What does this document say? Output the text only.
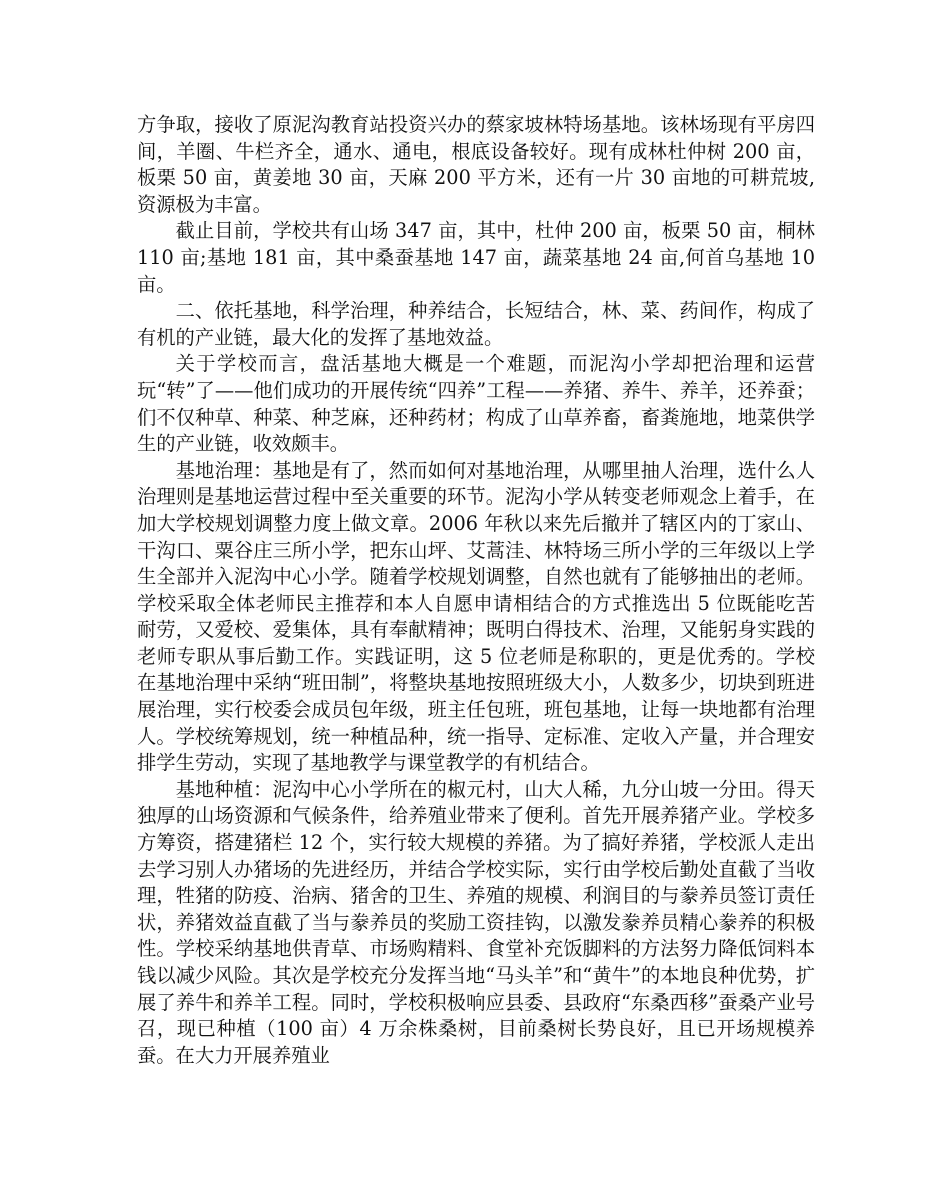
方争取，接收了原泥沟教育站投资兴办的蔡家坡林特场基地。该林场现有平房四间，羊圈、牛栏齐全，通水、通电，根底设备较好。现有成林杜仲树 200 亩，板栗 50 亩，黄姜地 30 亩，天麻 200 平方米，还有一片 30 亩地的可耕荒坡,资源极为丰富。

截止目前，学校共有山场 347 亩，其中，杜仲 200 亩，板栗 50 亩，桐林 110 亩;基地 181 亩，其中桑蚕基地 147 亩，蔬菜基地 24 亩,何首乌基地 10 亩。

二、依托基地，科学治理，种养结合，长短结合，林、菜、药间作，构成了有机的产业链，最大化的发挥了基地效益。

关于学校而言，盘活基地大概是一个难题，而泥沟小学却把治理和运营玩“转”了——他们成功的开展传统“四养”工程——养猪、养牛、养羊，还养蚕；们不仅种草、种菜、种芝麻，还种药材；构成了山草养畜，畜粪施地，地菜供学生的产业链，收效颇丰。

基地治理：基地是有了，然而如何对基地治理，从哪里抽人治理，选什么人治理则是基地运营过程中至关重要的环节。泥沟小学从转变老师观念上着手，在加大学校规划调整力度上做文章。2006 年秋以来先后撤并了辖区内的丁家山、干沟口、粟谷庄三所小学，把东山坪、艾蒿洼、林特场三所小学的三年级以上学生全部并入泥沟中心小学。随着学校规划调整，自然也就有了能够抽出的老师。学校采取全体老师民主推荐和本人自愿申请相结合的方式推选出 5 位既能吃苦耐劳，又爱校、爱集体，具有奉献精神；既明白得技术、治理，又能躬身实践的老师专职从事后勤工作。实践证明，这 5 位老师是称职的，更是优秀的。学校在基地治理中采纳“班田制”，将整块基地按照班级大小，人数多少，切块到班进展治理，实行校委会成员包年级，班主任包班，班包基地，让每一块地都有治理人。学校统筹规划，统一种植品种，统一指导、定标准、定收入产量，并合理安排学生劳动，实现了基地教学与课堂教学的有机结合。

基地种植：泥沟中心小学所在的椒元村，山大人稀，九分山坡一分田。得天独厚的山场资源和气候条件，给养殖业带来了便利。首先开展养猪产业。学校多方筹资，搭建猪栏 12 个，实行较大规模的养猪。为了搞好养猪，学校派人走出去学习别人办猪场的先进经历，并结合学校实际，实行由学校后勤处直截了当收理，牲猪的防疫、治病、猪舍的卫生、养殖的规模、利润目的与豢养员签订责任状，养猪效益直截了当与豢养员的奖励工资挂钩，以激发豢养员精心豢养的积极性。学校采纳基地供青草、市场购精料、食堂补充饭脚料的方法努力降低饲料本钱以减少风险。其次是学校充分发挥当地“马头羊”和“黄牛”的本地良种优势，扩展了养牛和养羊工程。同时，学校积极响应县委、县政府“东桑西移”蚕桑产业号召，现已种植（100 亩）4 万余株桑树，目前桑树长势良好，且已开场规模养蚕。在大力开展养殖业
